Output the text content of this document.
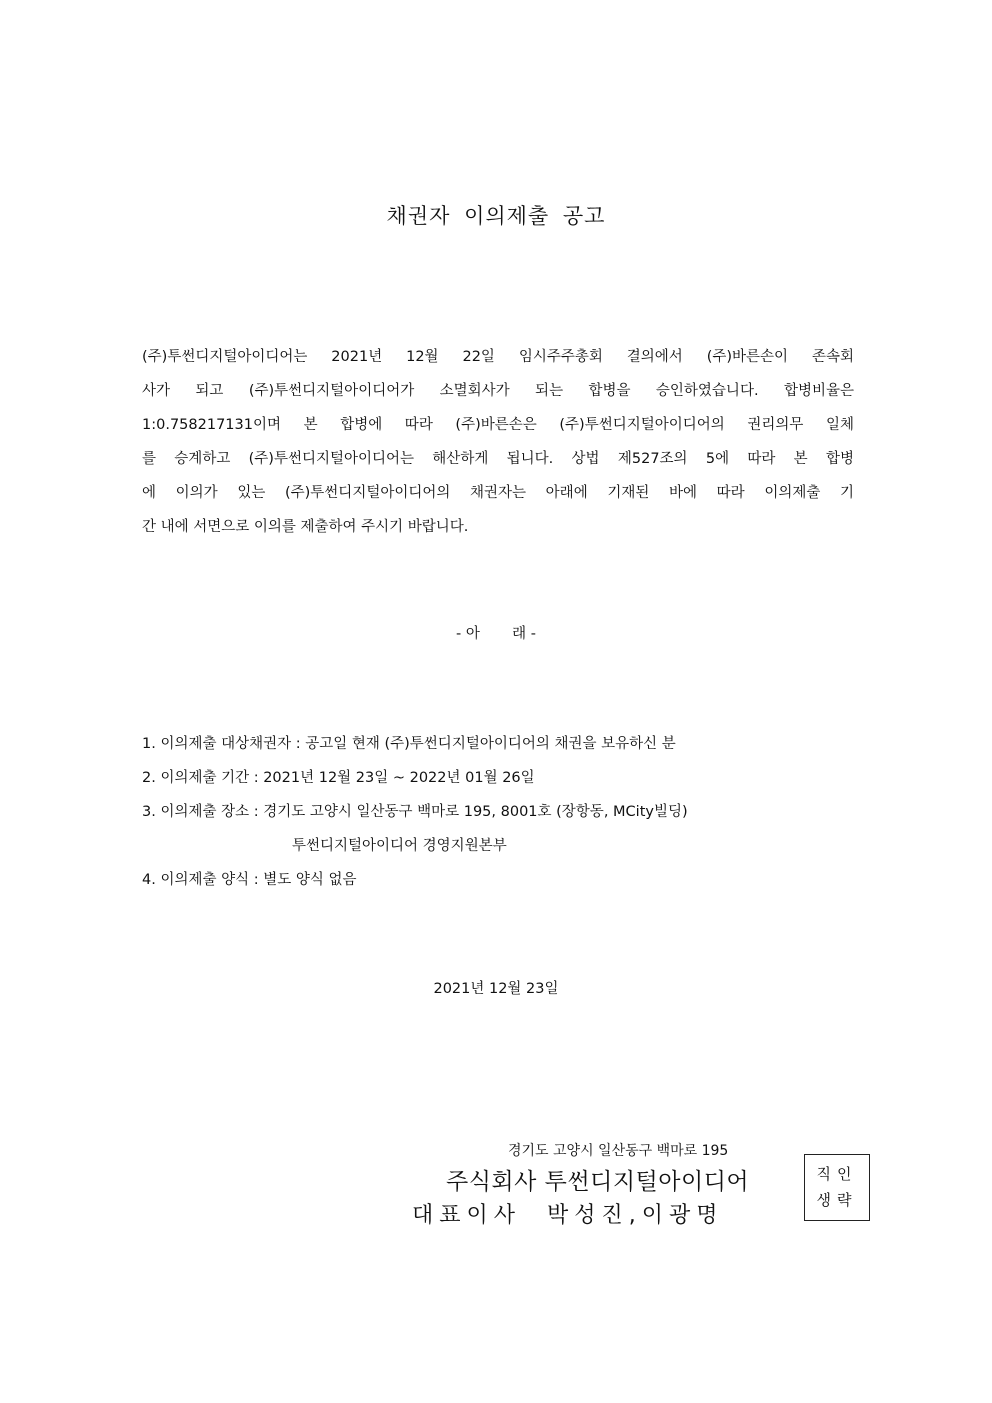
채권자 이의제출 공고
(주)투썬디지털아이디어는 2021년 12월 22일 임시주주총회 결의에서 (주)바른손이 존속회
사가 되고 (주)투썬디지털아이디어가 소멸회사가 되는 합병을 승인하였습니다. 합병비율은
1:0.758217131이며 본 합병에 따라 (주)바른손은 (주)투썬디지털아이디어의 권리의무 일체
를 승계하고 (주)투썬디지털아이디어는 해산하게 됩니다. 상법 제527조의 5에 따라 본 합병
에 이의가 있는 (주)투썬디지털아이디어의 채권자는 아래에 기재된 바에 따라 이의제출 기
간 내에 서면으로 이의를 제출하여 주시기 바랍니다.
- 아       래 -
1. 이의제출 대상채권자 : 공고일 현재 (주)투썬디지털아이디어의 채권을 보유하신 분
2. 이의제출 기간 : 2021년 12월 23일 ~ 2022년 01월 26일
3. 이의제출 장소 : 경기도 고양시 일산동구 백마로 195, 8001호 (장항동, MCity빌딩)
투썬디지털아이디어 경영지원본부
4. 이의제출 양식 : 별도 양식 없음
2021년 12월 23일
경기도 고양시 일산동구 백마로 195
주식회사 투썬디지털아이디어
대표이사  박성진,이광명
직인
생략
